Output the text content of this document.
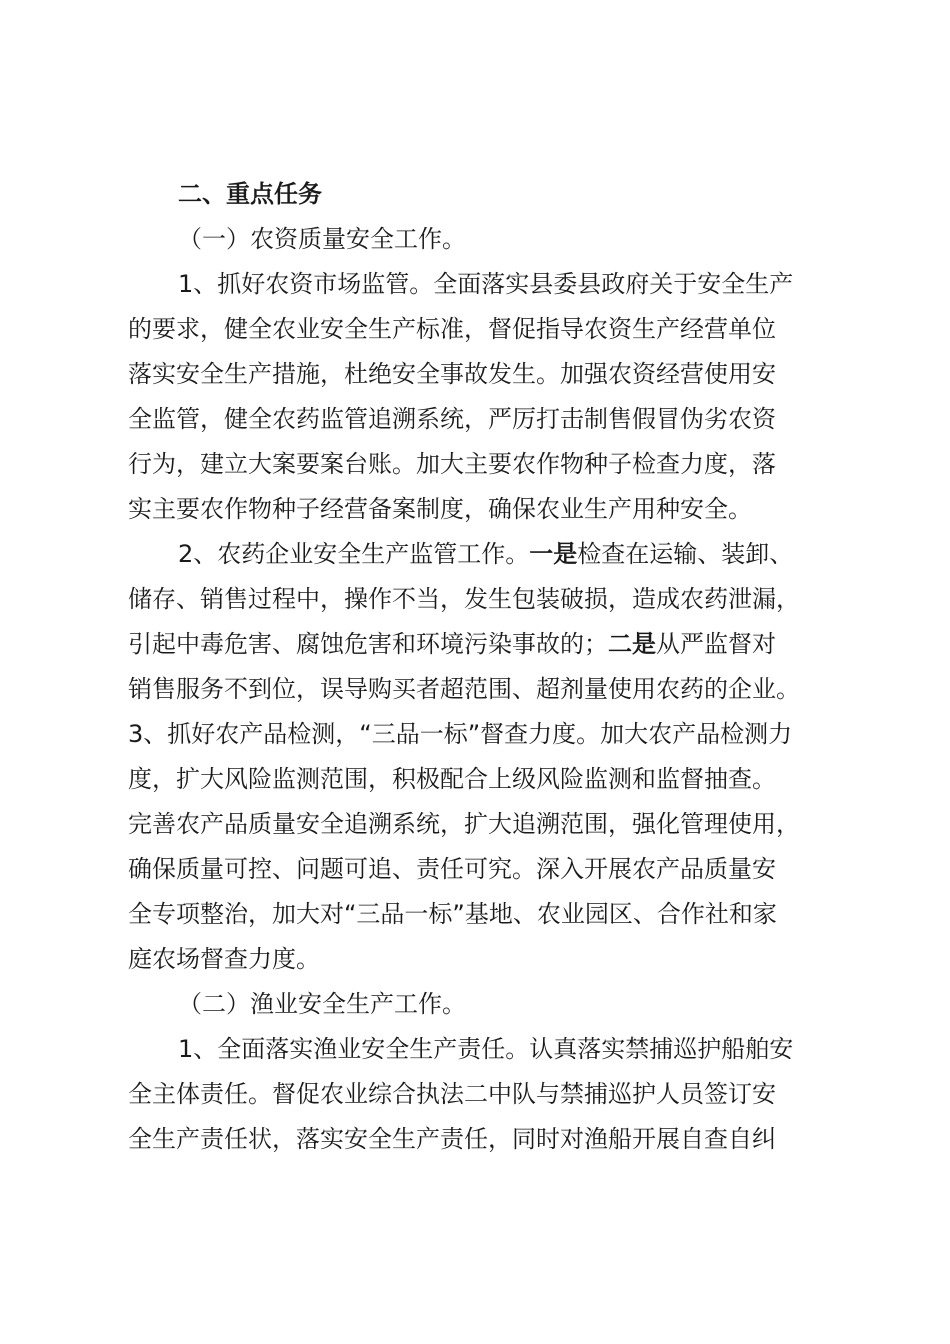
二、重点任务
（一）农资质量安全工作。
1、抓好农资市场监管。全面落实县委县政府关于安全生产
的要求，健全农业安全生产标准，督促指导农资生产经营单位
落实安全生产措施，杜绝安全事故发生。加强农资经营使用安
全监管，健全农药监管追溯系统，严厉打击制售假冒伪劣农资
行为，建立大案要案台账。加大主要农作物种子检查力度，落
实主要农作物种子经营备案制度，确保农业生产用种安全。
2、农药企业安全生产监管工作。一是检查在运输、装卸、
储存、销售过程中，操作不当，发生包装破损，造成农药泄漏，
引起中毒危害、腐蚀危害和环境污染事故的；二是从严监督对
销售服务不到位，误导购买者超范围、超剂量使用农药的企业。
3、抓好农产品检测，“三品一标”督查力度。加大农产品检测力
度，扩大风险监测范围，积极配合上级风险监测和监督抽查。
完善农产品质量安全追溯系统，扩大追溯范围，强化管理使用，
确保质量可控、问题可追、责任可究。深入开展农产品质量安
全专项整治，加大对“三品一标”基地、农业园区、合作社和家
庭农场督查力度。
（二）渔业安全生产工作。
1、全面落实渔业安全生产责任。认真落实禁捕巡护船舶安
全主体责任。督促农业综合执法二中队与禁捕巡护人员签订安
全生产责任状，落实安全生产责任，同时对渔船开展自查自纠
